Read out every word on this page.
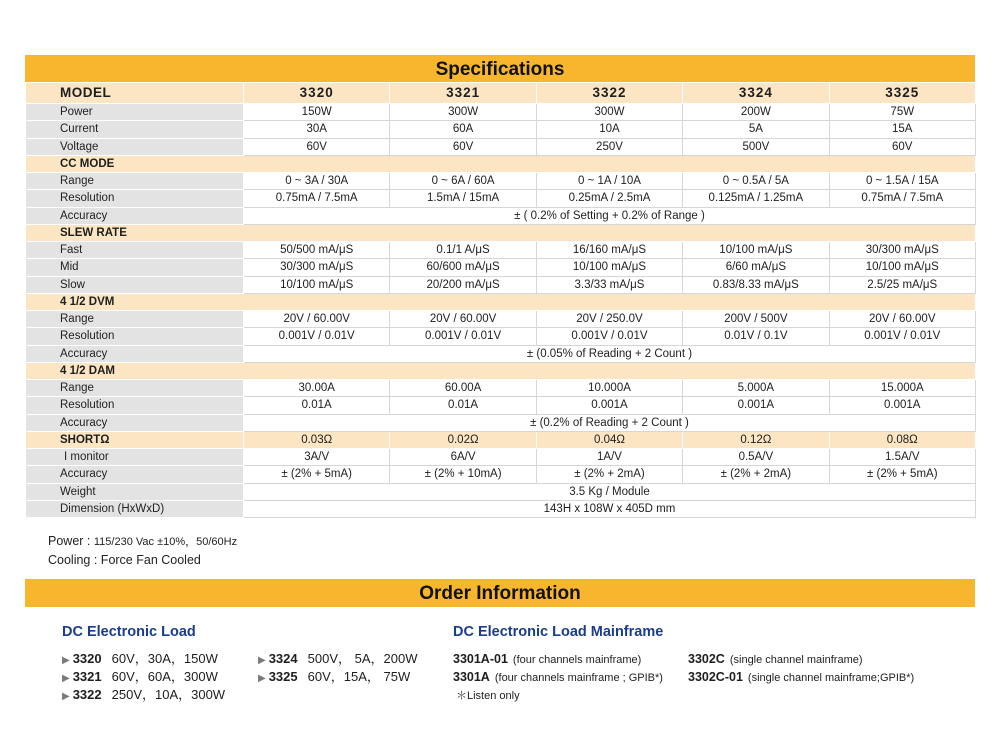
Specifications
MODEL	3320	3321	3322	3324	3325
Power	150W	300W	300W	200W	75W
Current	30A	60A	10A	5A	15A
Voltage	60V	60V	250V	500V	60V
CC MODE					
Range	0 ~ 3A / 30A	0 ~ 6A / 60A	0 ~ 1A / 10A	0 ~ 0.5A / 5A	0 ~ 1.5A / 15A
Resolution	0.75mA / 7.5mA	1.5mA / 15mA	0.25mA / 2.5mA	0.125mA / 1.25mA	0.75mA / 7.5mA
Accuracy	± ( 0.2% of Setting + 0.2% of Range )				
SLEW RATE					
Fast	50/500 mA/μS	0.1/1 A/μS	16/160 mA/μS	10/100 mA/μS	30/300 mA/μS
Mid	30/300 mA/μS	60/600 mA/μS	10/100 mA/μS	6/60 mA/μS	10/100 mA/μS
Slow	10/100 mA/μS	20/200 mA/μS	3.3/33 mA/μS	0.83/8.33 mA/μS	2.5/25 mA/μS
4 1/2 DVM					
Range	20V / 60.00V	20V / 60.00V	20V / 250.0V	200V / 500V	20V / 60.00V
Resolution	0.001V / 0.01V	0.001V / 0.01V	0.001V / 0.01V	0.01V / 0.1V	0.001V / 0.01V
Accuracy	± (0.05% of Reading + 2 Count )				
4 1/2 DAM					
Range	30.00A	60.00A	10.000A	5.000A	15.000A
Resolution	0.01A	0.01A	0.001A	0.001A	0.001A
Accuracy	± (0.2% of Reading + 2 Count )				
SHORTΩ	0.03Ω	0.02Ω	0.04Ω	0.12Ω	0.08Ω
I monitor	3A/V	6A/V	1A/V	0.5A/V	1.5A/V
Accuracy	± (2% + 5mA)	± (2% + 10mA)	± (2% + 2mA)	± (2% + 2mA)	± (2% + 5mA)
Weight	3.5 Kg / Module				
Dimension (HxWxD)	143H x 108W x 405D mm				
Power : 115/230 Vac ±10%，50/60Hz
Cooling : Force Fan Cooled
Order Information
DC Electronic Load	DC Electronic Load Mainframe
▶ 3320 60V，30A，150W
▶ 3321 60V，60A，300W
▶ 3322 250V，10A，300W
▶ 3324 500V， 5A，200W
▶ 3325 60V，15A， 75W
3301A-01 (four channels mainframe)	3302C (single channel mainframe)
3301A (four channels mainframe ; GPIB*) 3302C-01 (single channel mainframe;GPIB*)
＊Listen only
